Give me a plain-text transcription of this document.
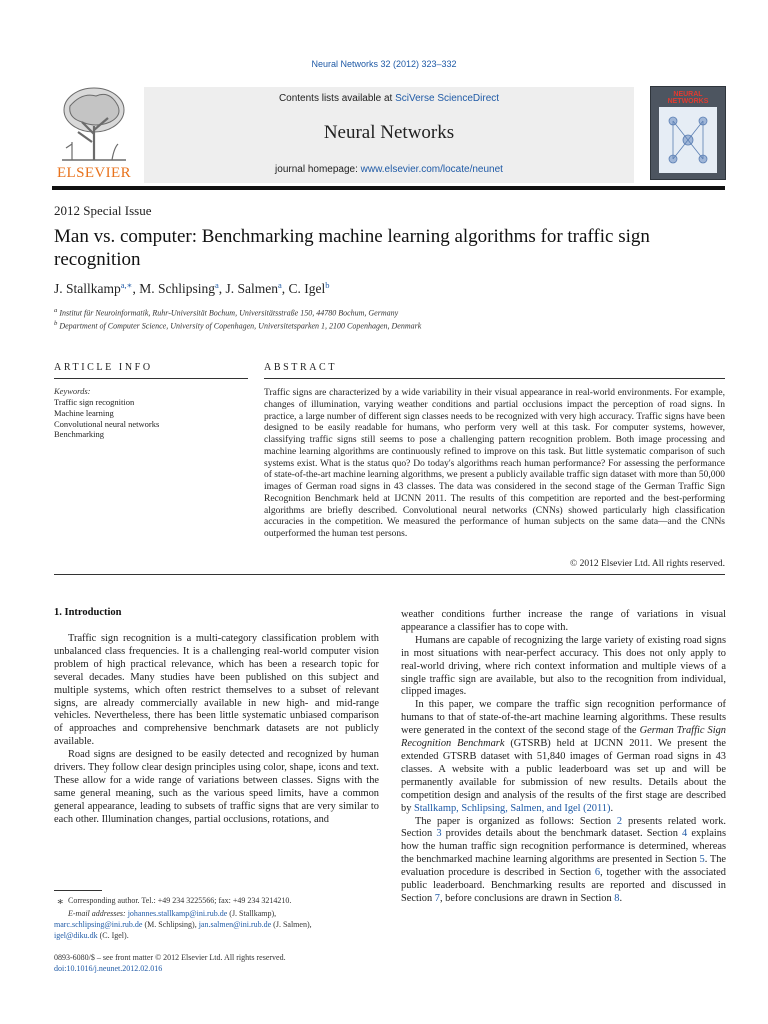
Neural Networks 32 (2012) 323–332
ELSEVIER
Contents lists available at SciVerse ScienceDirect
Neural Networks
journal homepage: www.elsevier.com/locate/neunet
NEURAL
NETWORKS
2012 Special Issue
Man vs. computer: Benchmarking machine learning algorithms for traffic sign recognition
J. Stallkamp$^{a,∗}$, M. Schlipsing$^a$, J. Salmen$^a$, C. Igel$^b$
$^a$ Institut für Neuroinformatik, Ruhr-Universität Bochum, Universitätsstraße 150, 44780 Bochum, Germany
$^b$ Department of Computer Science, University of Copenhagen, Universitetsparken 1, 2100 Copenhagen, Denmark
ARTICLE INFO	ABSTRACT
Keywords:
Traffic sign recognition
Machine learning
Convolutional neural networks
Benchmarking

Traffic signs are characterized by a wide variability in their visual appearance in real-world environments. For example, changes of illumination, varying weather conditions and partial occlusions impact the perception of road signs. In practice, a large number of different sign classes needs to be recognized with very high accuracy. Traffic signs have been designed to be easily readable for humans, who perform very well at this task. For computer systems, however, classifying traffic signs still seems to pose a challenging pattern recognition problem. Both image processing and machine learning algorithms are continuously refined to improve on this task. But little systematic comparison of such systems exist. What is the status quo? Do today's algorithms reach human performance? For assessing the performance of state-of-the-art machine learning algorithms, we present a publicly available traffic sign dataset with more than 50,000 images of German road signs in 43 classes. The data was considered in the second stage of the German Traffic Sign Recognition Benchmark held at IJCNN 2011. The results of this competition are reported and the best-performing algorithms are briefly described. Convolutional neural networks (CNNs) showed particularly high classification accuracies in the competition. We measured the performance of human subjects on the same data—and the CNNs outperformed the human test persons.

© 2012 Elsevier Ltd. All rights reserved.
1. Introduction

Traffic sign recognition is a multi-category classification problem with unbalanced class frequencies. It is a challenging real-world computer vision problem of high practical relevance, which has been a research topic for several decades. Many studies have been published on this subject and multiple systems, which often restrict themselves to a subset of relevant signs, are already commercially available in new high- and mid-range vehicles. Nevertheless, there has been little systematic unbiased comparison of approaches and comprehensive benchmark datasets are not publicly available.

Road signs are designed to be easily detected and recognized by human drivers. They follow clear design principles using color, shape, icons and text. These allow for a wide range of variations between classes. Signs with the same general meaning, such as the various speed limits, have a common general appearance, leading to subsets of traffic signs that are very similar to each other. Illumination changes, partial occlusions, rotations, and

weather conditions further increase the range of variations in visual appearance a classifier has to cope with.

Humans are capable of recognizing the large variety of existing road signs in most situations with near-perfect accuracy. This does not only apply to real-world driving, where rich context information and multiple views of a single traffic sign are available, but also to the recognition from individual, clipped images.

In this paper, we compare the traffic sign recognition performance of humans to that of state-of-the-art machine learning algorithms. These results were generated in the context of the second stage of the German Traffic Sign Recognition Benchmark (GTSRB) held at IJCNN 2011. We present the extended GTSRB dataset with 51,840 images of German road signs in 43 classes. A website with a public leaderboard was set up and will be permanently available for submission of new results. Details about the competition design and analysis of the results of the first stage are described by Stallkamp, Schlipsing, Salmen, and Igel (2011).

The paper is organized as follows: Section 2 presents related work. Section 3 provides details about the benchmark dataset. Section 4 explains how the human traffic sign recognition performance is determined, whereas the benchmarked machine learning algorithms are presented in Section 5. The evaluation procedure is described in Section 6, together with the associated public leaderboard. Benchmarking results are reported and discussed in Section 7, before conclusions are drawn in Section 8.

∗ Corresponding author. Tel.: +49 234 3225566; fax: +49 234 3214210.
E-mail addresses: johannes.stallkamp@ini.rub.de (J. Stallkamp),
marc.schlipsing@ini.rub.de (M. Schlipsing), jan.salmen@ini.rub.de (J. Salmen),
igel@diku.dk (C. Igel).
0893-6080/$ – see front matter © 2012 Elsevier Ltd. All rights reserved.
doi:10.1016/j.neunet.2012.02.016
